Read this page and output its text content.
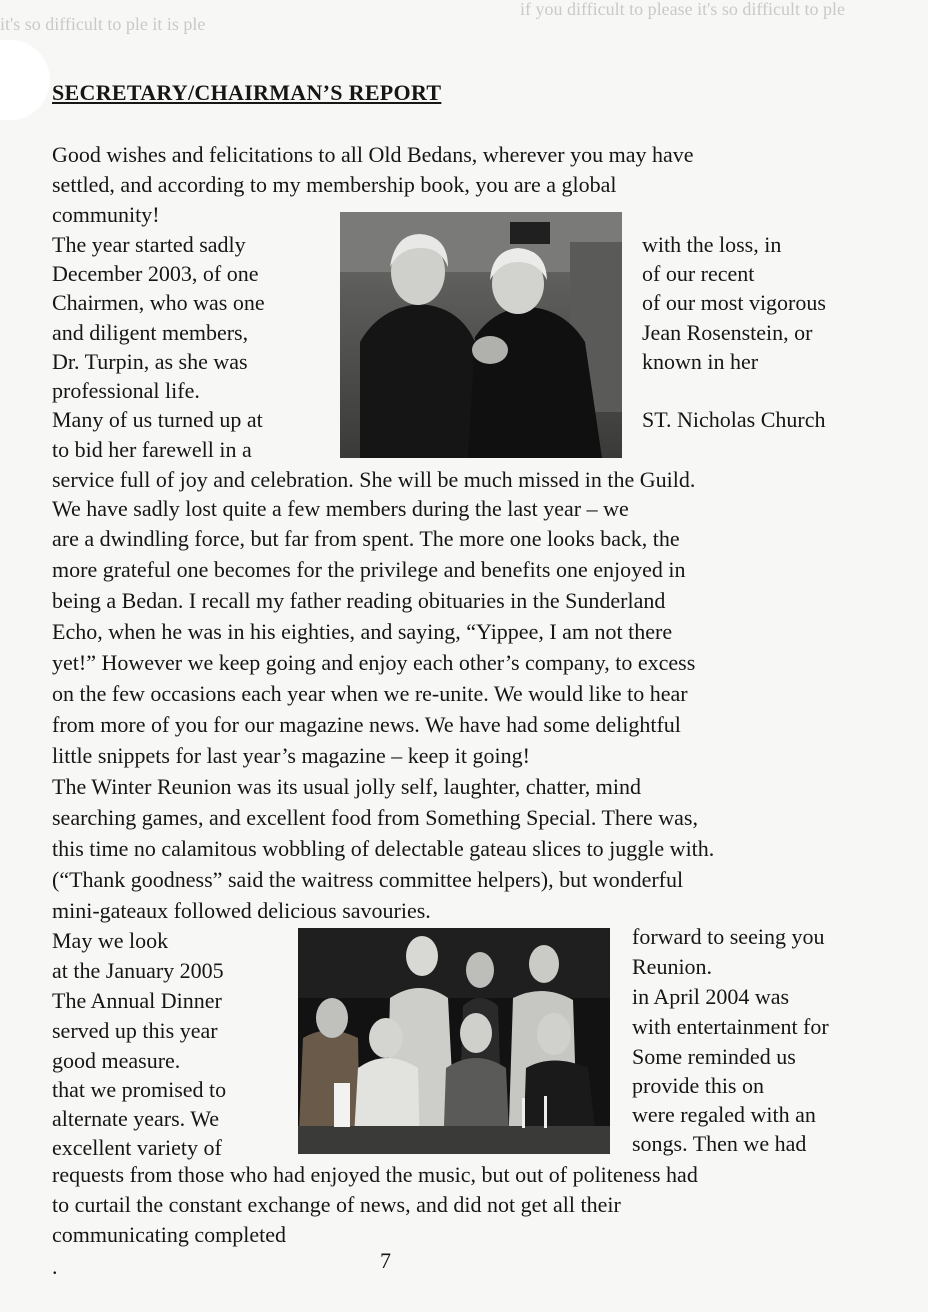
if you difficult to please it's so difficult to ple
it's so difficult to ple it is ple
SECRETARY/CHAIRMAN’S REPORT
Good wishes and felicitations to all Old Bedans, wherever you may have
settled, and according to my membership book, you are a global
community!
The year started sadly
December 2003, of one
Chairmen, who was one
and diligent members,
Dr. Turpin, as she was
professional life.
Many of us turned up at
to bid her farewell in a
with the loss, in
of our recent
of our most vigorous
Jean Rosenstein, or
known in her
ST. Nicholas Church
service full of joy and celebration. She will be much missed in the Guild.
We have sadly lost quite a few members during the last year – we
are a dwindling force, but far from spent. The more one looks back, the
more grateful one becomes for the privilege and benefits one enjoyed in
being a Bedan. I recall my father reading obituaries in the Sunderland
Echo, when he was in his eighties, and saying, “Yippee, I am not there
yet!” However we keep going and enjoy each other’s company, to excess
on the few occasions each year when we re-unite. We would like to hear
from more of you for our magazine news. We have had some delightful
little snippets for last year’s magazine – keep it going!
The Winter Reunion was its usual jolly self, laughter, chatter, mind
searching games, and excellent food from Something Special. There was,
this time no calamitous wobbling of delectable gateau slices to juggle with.
(“Thank goodness” said the waitress committee helpers), but wonderful
mini-gateaux followed delicious savouries.
May we look
at the January 2005
The Annual Dinner
served up this year
good measure.
that we promised to
alternate years. We
excellent variety of
forward to seeing you
Reunion.
in April 2004 was
with entertainment for
Some reminded us
provide this on
were regaled with an
songs. Then we had
requests from those who had enjoyed the music, but out of politeness had
to curtail the constant exchange of news, and did not get all their
communicating completed
.	7
